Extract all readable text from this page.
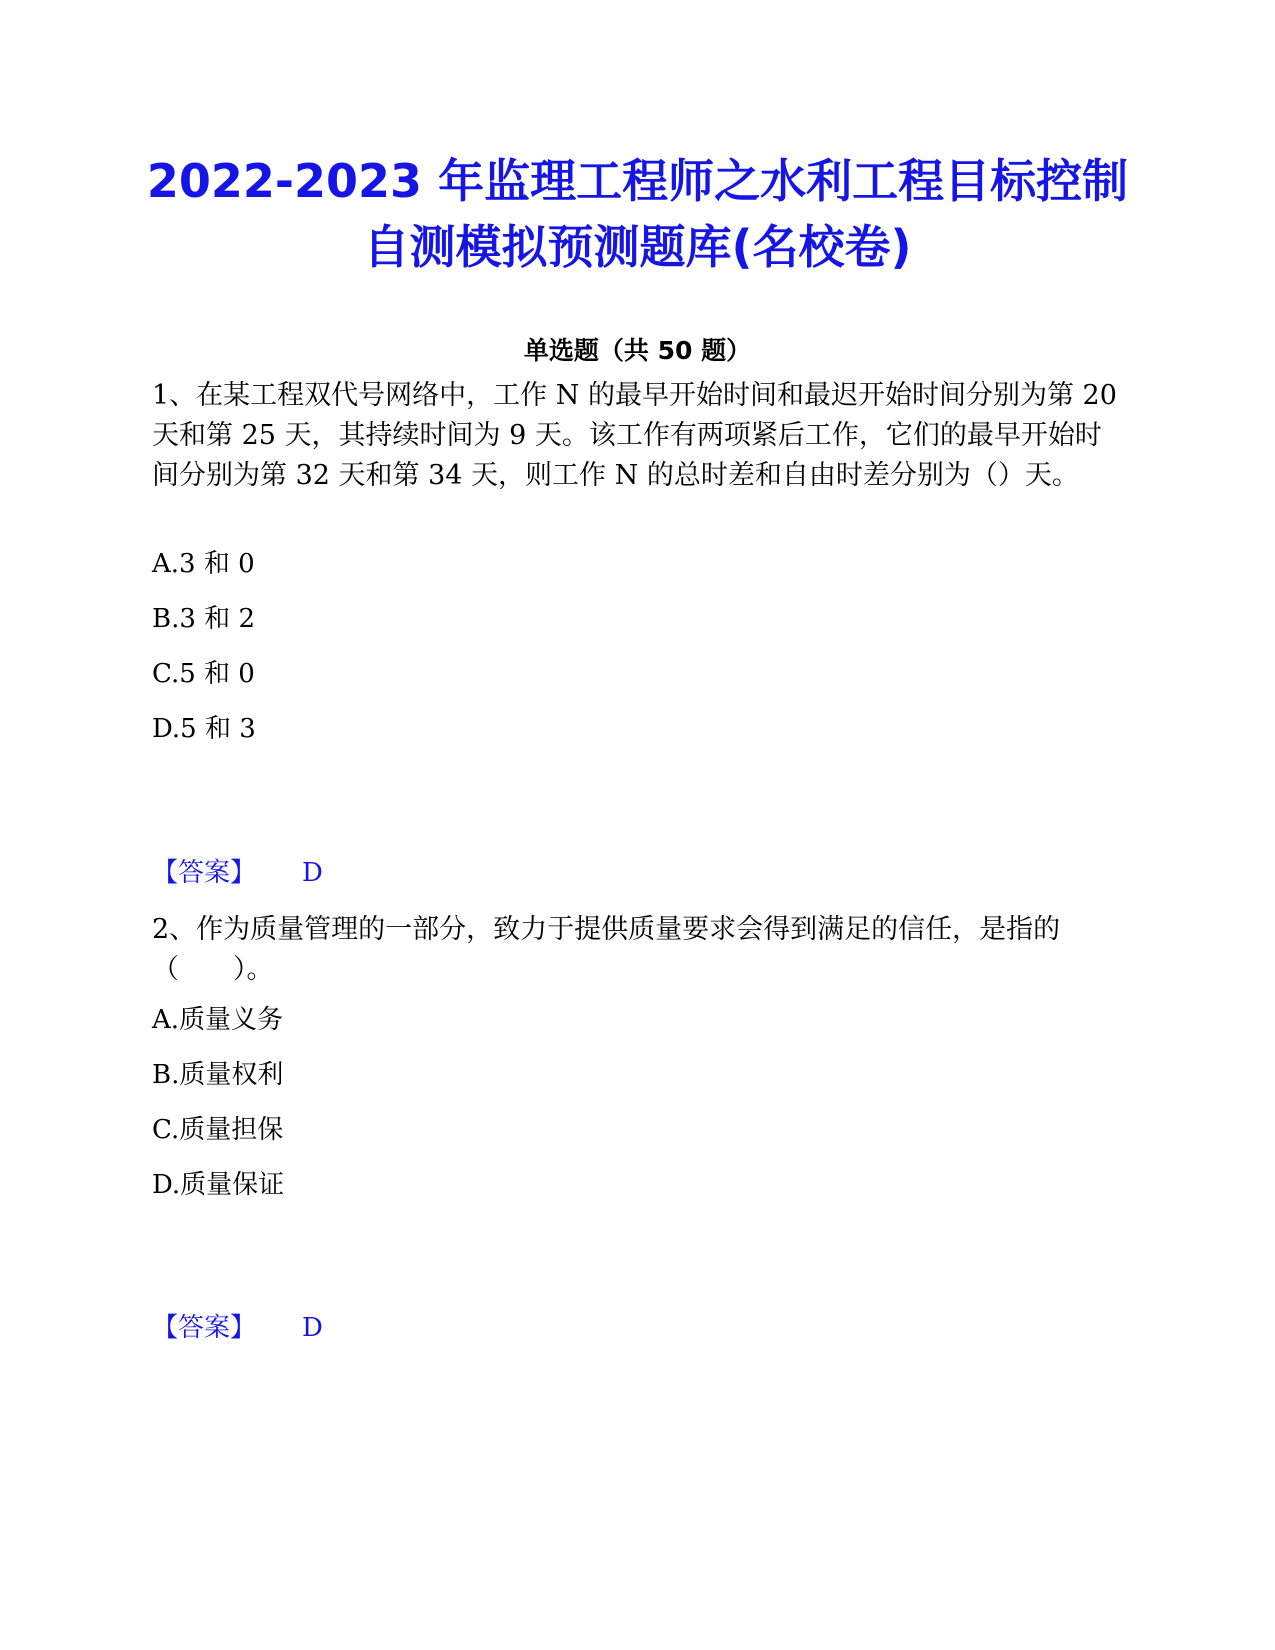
2022-2023 年监理工程师之水利工程目标控制自测模拟预测题库(名校卷)
单选题（共 50 题）

1、在某工程双代号网络中，工作 N 的最早开始时间和最迟开始时间分别为第 20 天和第 25 天，其持续时间为 9 天。该工作有两项紧后工作，它们的最早开始时间分别为第 32 天和第 34 天，则工作 N 的总时差和自由时差分别为（）天。

A.3 和 0
B.3 和 2
C.5 和 0
D.5 和 3
【答案】 D

2、作为质量管理的一部分，致力于提供质量要求会得到满足的信任，是指的（　　）。

A.质量义务
B.质量权利
C.质量担保
D.质量保证
【答案】 D
